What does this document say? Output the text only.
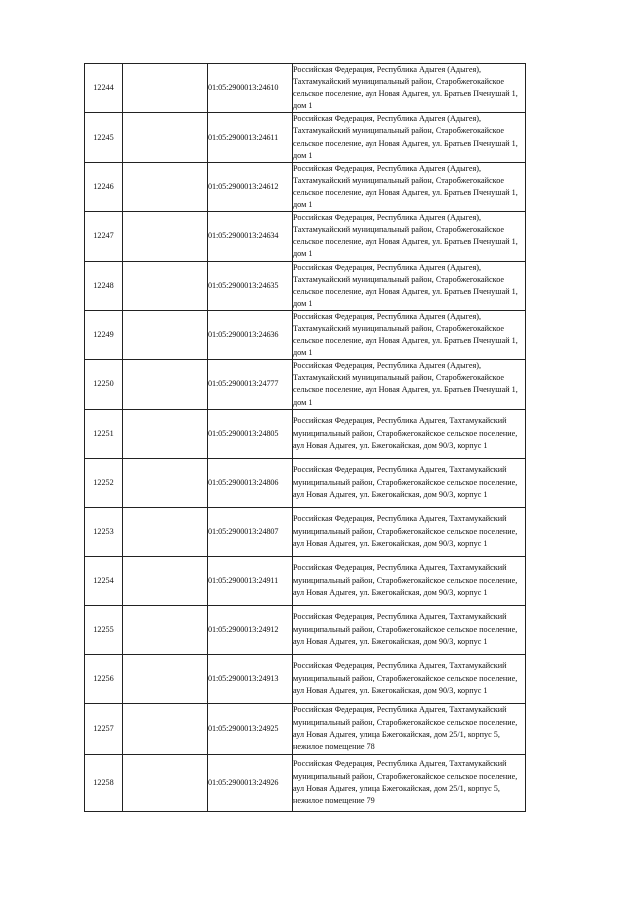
12244		01:05:2900013:24610	Российская Федерация, Республика Адыгея (Адыгея), Тахтамукайский муниципальный район, Старобжегокайское сельское поселение, аул Новая Адыгея, ул. Братьев Пченушай 1, дом 1
12245		01:05:2900013:24611	Российская Федерация, Республика Адыгея (Адыгея), Тахтамукайский муниципальный район, Старобжегокайское сельское поселение, аул Новая Адыгея, ул. Братьев Пченушай 1, дом 1
12246		01:05:2900013:24612	Российская Федерация, Республика Адыгея (Адыгея), Тахтамукайский муниципальный район, Старобжегокайское сельское поселение, аул Новая Адыгея, ул. Братьев Пченушай 1, дом 1
12247		01:05:2900013:24634	Российская Федерация, Республика Адыгея (Адыгея), Тахтамукайский муниципальный район, Старобжегокайское сельское поселение, аул Новая Адыгея, ул. Братьев Пченушай 1, дом 1
12248		01:05:2900013:24635	Российская Федерация, Республика Адыгея (Адыгея), Тахтамукайский муниципальный район, Старобжегокайское сельское поселение, аул Новая Адыгея, ул. Братьев Пченушай 1, дом 1
12249		01:05:2900013:24636	Российская Федерация, Республика Адыгея (Адыгея), Тахтамукайский муниципальный район, Старобжегокайское сельское поселение, аул Новая Адыгея, ул. Братьев Пченушай 1, дом 1
12250		01:05:2900013:24777	Российская Федерация, Республика Адыгея (Адыгея), Тахтамукайский муниципальный район, Старобжегокайское сельское поселение, аул Новая Адыгея, ул. Братьев Пченушай 1, дом 1
12251		01:05:2900013:24805	Российская Федерация, Республика Адыгея, Тахтамукайский муниципальный район, Старобжегокайское сельское поселение, аул Новая Адыгея, ул. Бжегокайская, дом 90/3, корпус 1
12252		01:05:2900013:24806	Российская Федерация, Республика Адыгея, Тахтамукайский муниципальный район, Старобжегокайское сельское поселение, аул Новая Адыгея, ул. Бжегокайская, дом 90/3, корпус 1
12253		01:05:2900013:24807	Российская Федерация, Республика Адыгея, Тахтамукайский муниципальный район, Старобжегокайское сельское поселение, аул Новая Адыгея, ул. Бжегокайская, дом 90/3, корпус 1
12254		01:05:2900013:24911	Российская Федерация, Республика Адыгея, Тахтамукайский муниципальный район, Старобжегокайское сельское поселение, аул Новая Адыгея, ул. Бжегокайская, дом 90/3, корпус 1
12255		01:05:2900013:24912	Российская Федерация, Республика Адыгея, Тахтамукайский муниципальный район, Старобжегокайское сельское поселение, аул Новая Адыгея, ул. Бжегокайская, дом 90/3, корпус 1
12256		01:05:2900013:24913	Российская Федерация, Республика Адыгея, Тахтамукайский муниципальный район, Старобжегокайское сельское поселение, аул Новая Адыгея, ул. Бжегокайская, дом 90/3, корпус 1
12257		01:05:2900013:24925	Российская Федерация, Республика Адыгея, Тахтамукайский муниципальный район, Старобжегокайское сельское поселение, аул Новая Адыгея, улица Бжегокайская, дом 25/1, корпус 5, нежилое помещение 78
12258		01:05:2900013:24926	Российская Федерация, Республика Адыгея, Тахтамукайский муниципальный район, Старобжегокайское сельское поселение, аул Новая Адыгея, улица Бжегокайская, дом 25/1, корпус 5, нежилое помещение 79
